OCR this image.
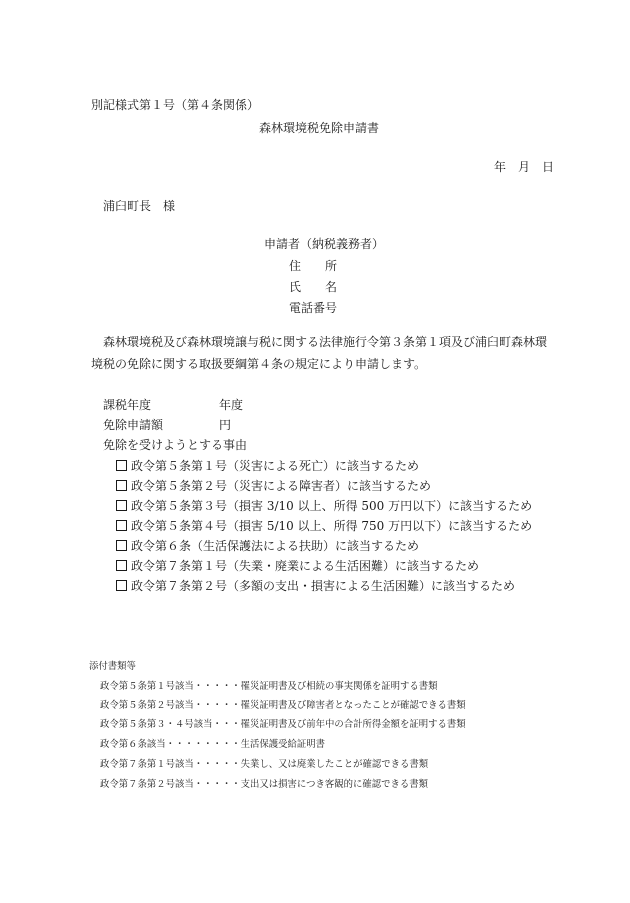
別記様式第１号（第４条関係）
森林環境税免除申請書
年　月　日
浦臼町長　様
申請者（納税義務者）
住　　所
氏　　名
電話番号
森林環境税及び森林環境譲与税に関する法律施行令第３条第１項及び浦臼町森林環境税の免除に関する取扱要綱第４条の規定により申請します。
課税年度	年度
免除申請額	円
免除を受けようとする事由
政令第５条第１号（災害による死亡）に該当するため
政令第５条第２号（災害による障害者）に該当するため
政令第５条第３号（損害 3/10 以上、所得 500 万円以下）に該当するため
政令第５条第４号（損害 5/10 以上、所得 750 万円以下）に該当するため
政令第６条（生活保護法による扶助）に該当するため
政令第７条第１号（失業・廃業による生活困難）に該当するため
政令第７条第２号（多額の支出・損害による生活困難）に該当するため
添付書類等
政令第５条第１号該当・・・・・罹災証明書及び相続の事実関係を証明する書類
政令第５条第２号該当・・・・・罹災証明書及び障害者となったことが確認できる書類
政令第５条第３・４号該当・・・罹災証明書及び前年中の合計所得金額を証明する書類
政令第６条該当・・・・・・・・生活保護受給証明書
政令第７条第１号該当・・・・・失業し、又は廃業したことが確認できる書類
政令第７条第２号該当・・・・・支出又は損害につき客観的に確認できる書類
